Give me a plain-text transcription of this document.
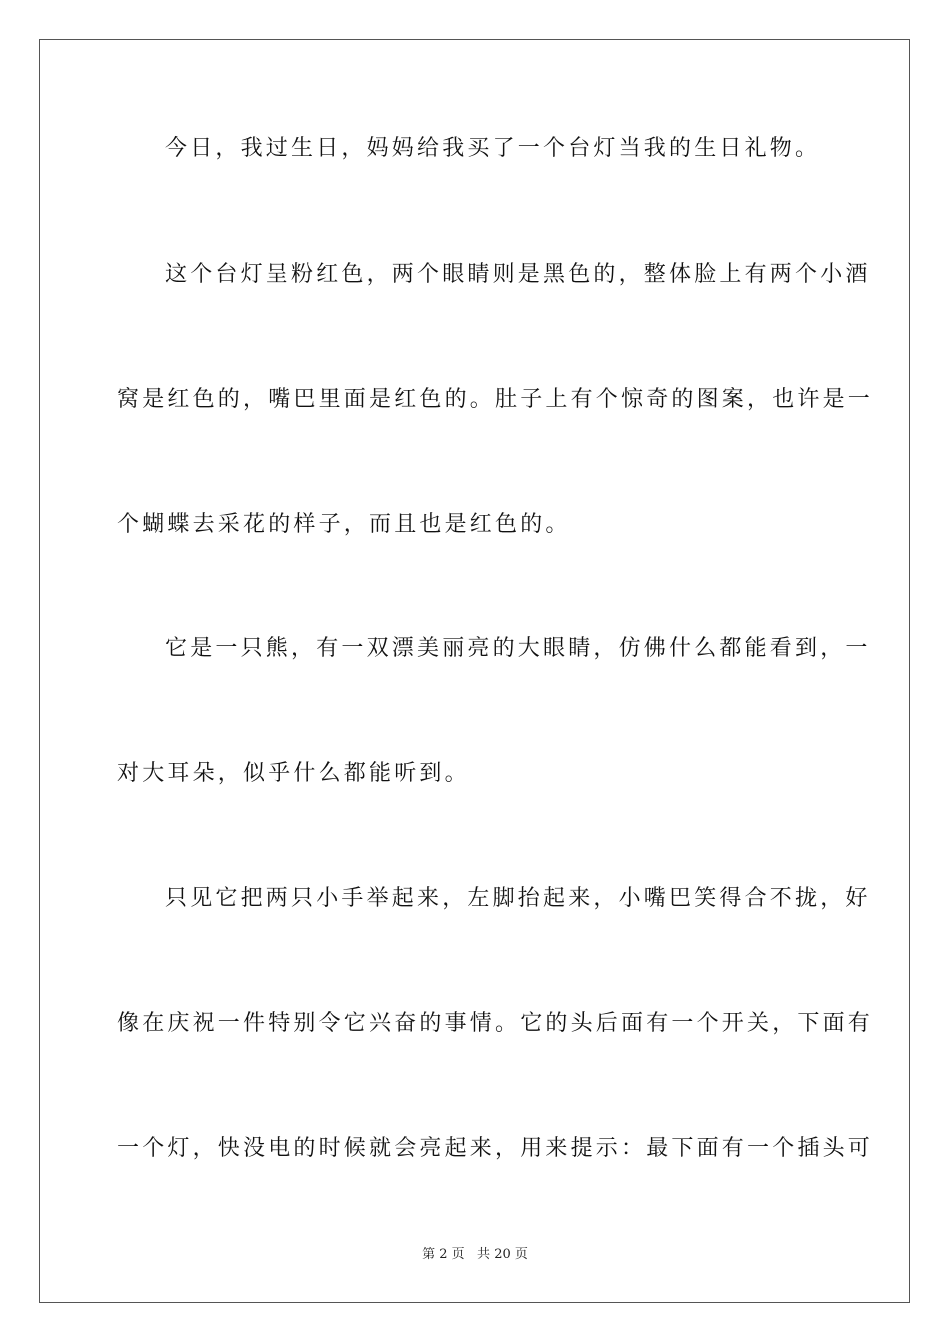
今日，我过生日，妈妈给我买了一个台灯当我的生日礼物。
这个台灯呈粉红色，两个眼睛则是黑色的，整体脸上有两个小酒
窝是红色的，嘴巴里面是红色的。肚子上有个惊奇的图案，也许是一
个蝴蝶去采花的样子，而且也是红色的。
它是一只熊，有一双漂美丽亮的大眼睛，仿佛什么都能看到，一
对大耳朵，似乎什么都能听到。
只见它把两只小手举起来，左脚抬起来，小嘴巴笑得合不拢，好
像在庆祝一件特别令它兴奋的事情。它的头后面有一个开关，下面有
一个灯，快没电的时候就会亮起来，用来提示：最下面有一个插头可
第 2 页   共 20 页
